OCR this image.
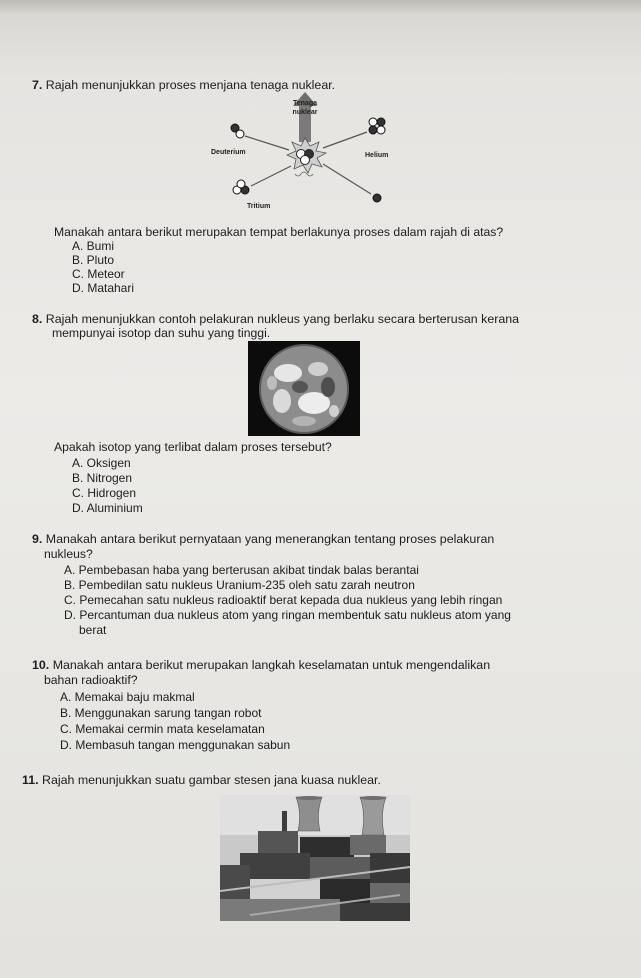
7. Rajah menunjukkan proses menjana tenaga nuklear.
Tenaga
nuklear
Deuterium
Tritium
Helium
Manakah antara berikut merupakan tempat berlakunya proses dalam rajah di atas?
A. Bumi
B. Pluto
C. Meteor
D. Matahari
8. Rajah menunjukkan contoh pelakuran nukleus yang berlaku secara berterusan kerana
mempunyai isotop dan suhu yang tinggi.
Apakah isotop yang terlibat dalam proses tersebut?
A. Oksigen
B. Nitrogen
C. Hidrogen
D. Aluminium
9. Manakah antara berikut pernyataan yang menerangkan tentang proses pelakuran
nukleus?
A. Pembebasan haba yang berterusan akibat tindak balas berantai
B. Pembedilan satu nukleus Uranium-235 oleh satu zarah neutron
C. Pemecahan satu nukleus radioaktif berat kepada dua nukleus yang lebih ringan
D. Percantuman dua nukleus atom yang ringan membentuk satu nukleus atom yang
berat
10. Manakah antara berikut merupakan langkah keselamatan untuk mengendalikan
bahan radioaktif?
A. Memakai baju makmal
B. Menggunakan sarung tangan robot
C. Memakai cermin mata keselamatan
D. Membasuh tangan menggunakan sabun
11. Rajah menunjukkan suatu gambar stesen jana kuasa nuklear.
